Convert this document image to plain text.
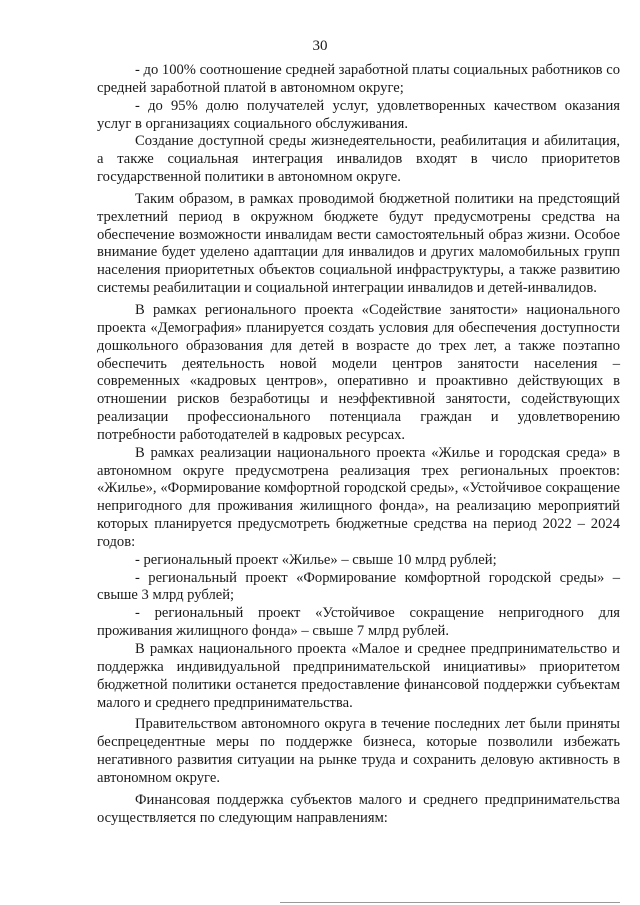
30

- до 100% соотношение средней заработной платы социальных работников со средней заработной платой в автономном округе;

- до 95% долю получателей услуг, удовлетворенных качеством оказания услуг в организациях социального обслуживания.

Создание доступной среды жизнедеятельности, реабилитация и абилитация, а также социальная интеграция инвалидов входят в число приоритетов государственной политики в автономном округе.

Таким образом, в рамках проводимой бюджетной политики на предстоящий трехлетний период в окружном бюджете будут предусмотрены средства на обеспечение возможности инвалидам вести самостоятельный образ жизни. Особое внимание будет уделено адаптации для инвалидов и других маломобильных групп населения приоритетных объектов социальной инфраструктуры, а также развитию системы реабилитации и социальной интеграции инвалидов и детей-инвалидов.

В рамках регионального проекта «Содействие занятости» национального проекта «Демография» планируется создать условия для обеспечения доступности дошкольного образования для детей в возрасте до трех лет, а также поэтапно обеспечить деятельность новой модели центров занятости населения – современных «кадровых центров», оперативно и проактивно действующих в отношении рисков безработицы и неэффективной занятости, содействующих реализации профессионального потенциала граждан и удовлетворению потребности работодателей в кадровых ресурсах.

В рамках реализации национального проекта «Жилье и городская среда» в автономном округе предусмотрена реализация трех региональных проектов: «Жилье», «Формирование комфортной городской среды», «Устойчивое сокращение непригодного для проживания жилищного фонда», на реализацию мероприятий которых планируется предусмотреть бюджетные средства на период 2022 – 2024 годов:

- региональный проект «Жилье» – свыше 10 млрд рублей;

- региональный проект «Формирование комфортной городской среды» – свыше 3 млрд рублей;

- региональный проект «Устойчивое сокращение непригодного для проживания жилищного фонда» – свыше 7 млрд рублей.

В рамках национального проекта «Малое и среднее предпринимательство и поддержка индивидуальной предпринимательской инициативы» приоритетом бюджетной политики останется предоставление финансовой поддержки субъектам малого и среднего предпринимательства.

Правительством автономного округа в течение последних лет были приняты беспрецедентные меры по поддержке бизнеса, которые позволили избежать негативного развития ситуации на рынке труда и сохранить деловую активность в автономном округе.

Финансовая поддержка субъектов малого и среднего предпринимательства осуществляется по следующим направлениям:
